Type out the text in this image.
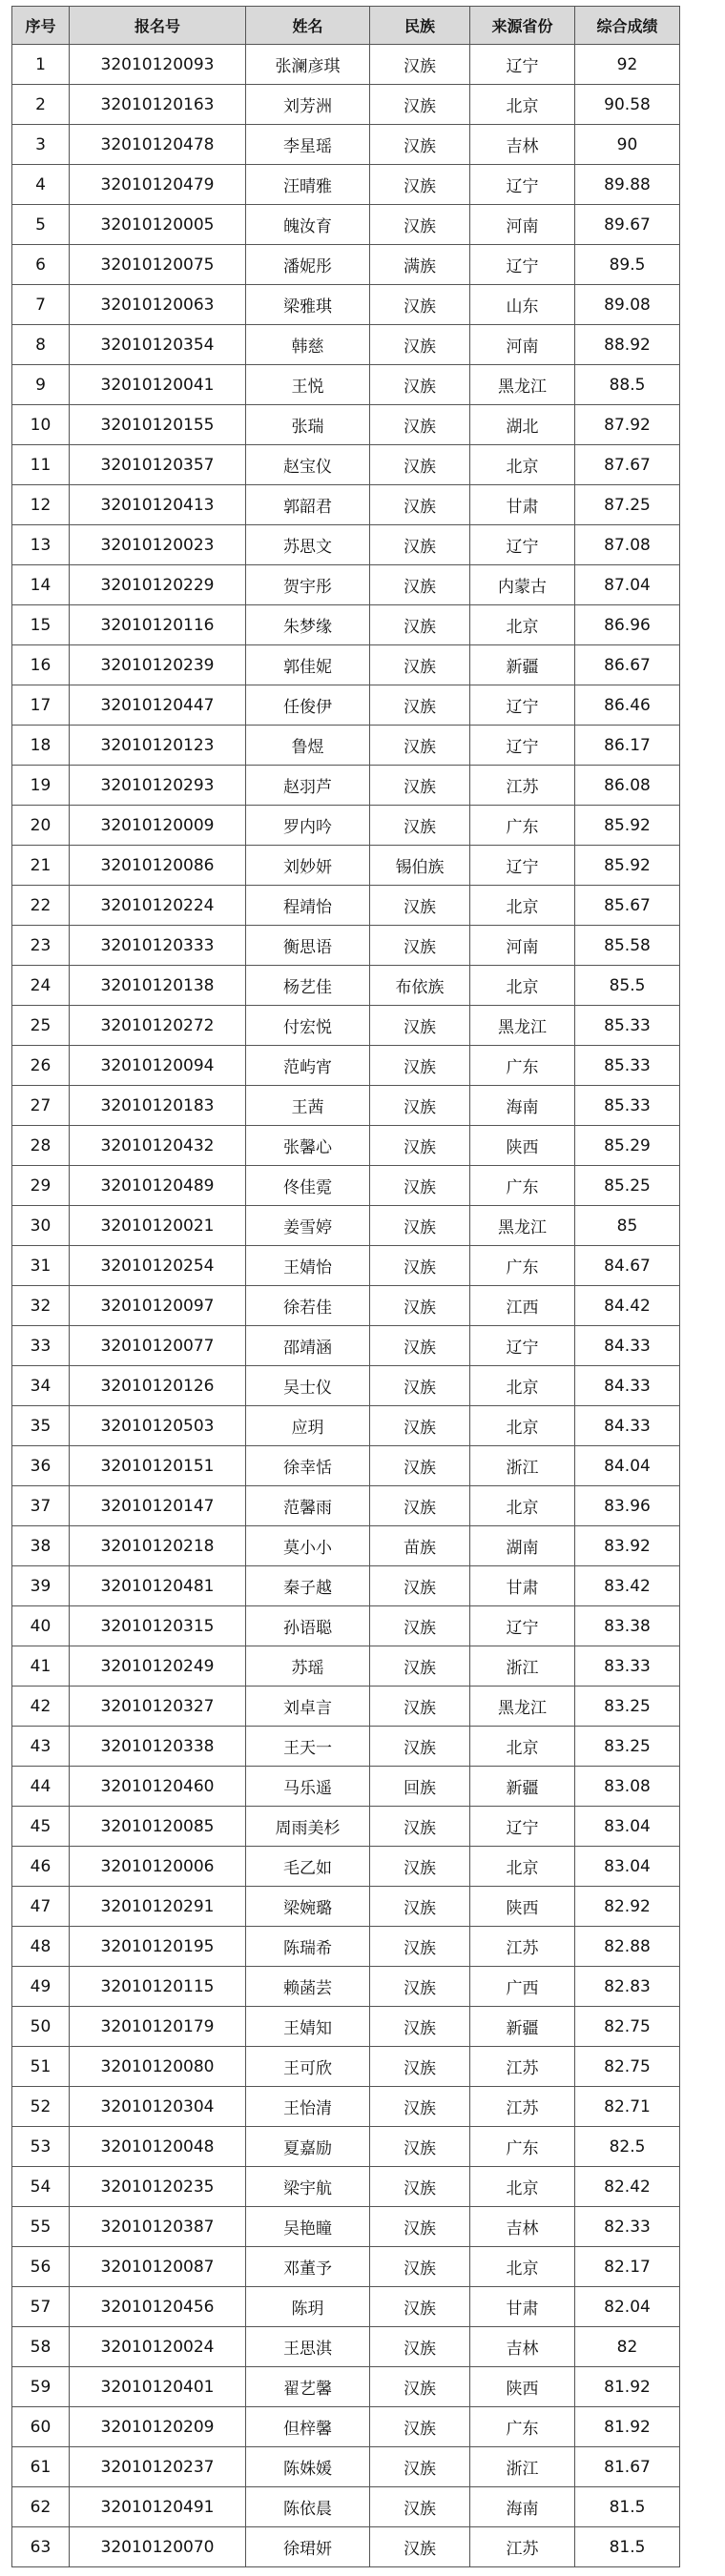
序号	报名号	姓名	民族	来源省份	综合成绩
1	32010120093	张澜彦琪	汉族	辽宁	92
2	32010120163	刘芳洲	汉族	北京	90.58
3	32010120478	李星瑶	汉族	吉林	90
4	32010120479	汪晴雅	汉族	辽宁	89.88
5	32010120005	魄汝育	汉族	河南	89.67
6	32010120075	潘妮彤	满族	辽宁	89.5
7	32010120063	梁雅琪	汉族	山东	89.08
8	32010120354	韩慈	汉族	河南	88.92
9	32010120041	王悦	汉族	黑龙江	88.5
10	32010120155	张瑞	汉族	湖北	87.92
11	32010120357	赵宝仪	汉族	北京	87.67
12	32010120413	郭韶君	汉族	甘肃	87.25
13	32010120023	苏思文	汉族	辽宁	87.08
14	32010120229	贺宇彤	汉族	内蒙古	87.04
15	32010120116	朱梦缘	汉族	北京	86.96
16	32010120239	郭佳妮	汉族	新疆	86.67
17	32010120447	任俊伊	汉族	辽宁	86.46
18	32010120123	鲁煜	汉族	辽宁	86.17
19	32010120293	赵羽芦	汉族	江苏	86.08
20	32010120009	罗内吟	汉族	广东	85.92
21	32010120086	刘妙妍	锡伯族	辽宁	85.92
22	32010120224	程靖怡	汉族	北京	85.67
23	32010120333	衡思语	汉族	河南	85.58
24	32010120138	杨艺佳	布依族	北京	85.5
25	32010120272	付宏悦	汉族	黑龙江	85.33
26	32010120094	范屿宵	汉族	广东	85.33
27	32010120183	王茜	汉族	海南	85.33
28	32010120432	张馨心	汉族	陕西	85.29
29	32010120489	佟佳霓	汉族	广东	85.25
30	32010120021	姜雪婷	汉族	黑龙江	85
31	32010120254	王婧怡	汉族	广东	84.67
32	32010120097	徐若佳	汉族	江西	84.42
33	32010120077	邵靖涵	汉族	辽宁	84.33
34	32010120126	吴士仪	汉族	北京	84.33
35	32010120503	应玥	汉族	北京	84.33
36	32010120151	徐幸恬	汉族	浙江	84.04
37	32010120147	范馨雨	汉族	北京	83.96
38	32010120218	莫小小	苗族	湖南	83.92
39	32010120481	秦子越	汉族	甘肃	83.42
40	32010120315	孙语聪	汉族	辽宁	83.38
41	32010120249	苏瑶	汉族	浙江	83.33
42	32010120327	刘卓言	汉族	黑龙江	83.25
43	32010120338	王天一	汉族	北京	83.25
44	32010120460	马乐遥	回族	新疆	83.08
45	32010120085	周雨美杉	汉族	辽宁	83.04
46	32010120006	毛乙如	汉族	北京	83.04
47	32010120291	梁婉璐	汉族	陕西	82.92
48	32010120195	陈瑞希	汉族	江苏	82.88
49	32010120115	赖菡芸	汉族	广西	82.83
50	32010120179	王婧知	汉族	新疆	82.75
51	32010120080	王可欣	汉族	江苏	82.75
52	32010120304	王怡清	汉族	江苏	82.71
53	32010120048	夏嘉励	汉族	广东	82.5
54	32010120235	梁宇航	汉族	北京	82.42
55	32010120387	吴艳瞳	汉族	吉林	82.33
56	32010120087	邓董予	汉族	北京	82.17
57	32010120456	陈玥	汉族	甘肃	82.04
58	32010120024	王思淇	汉族	吉林	82
59	32010120401	翟艺馨	汉族	陕西	81.92
60	32010120209	但梓馨	汉族	广东	81.92
61	32010120237	陈姝媛	汉族	浙江	81.67
62	32010120491	陈依晨	汉族	海南	81.5
63	32010120070	徐珺妍	汉族	江苏	81.5
